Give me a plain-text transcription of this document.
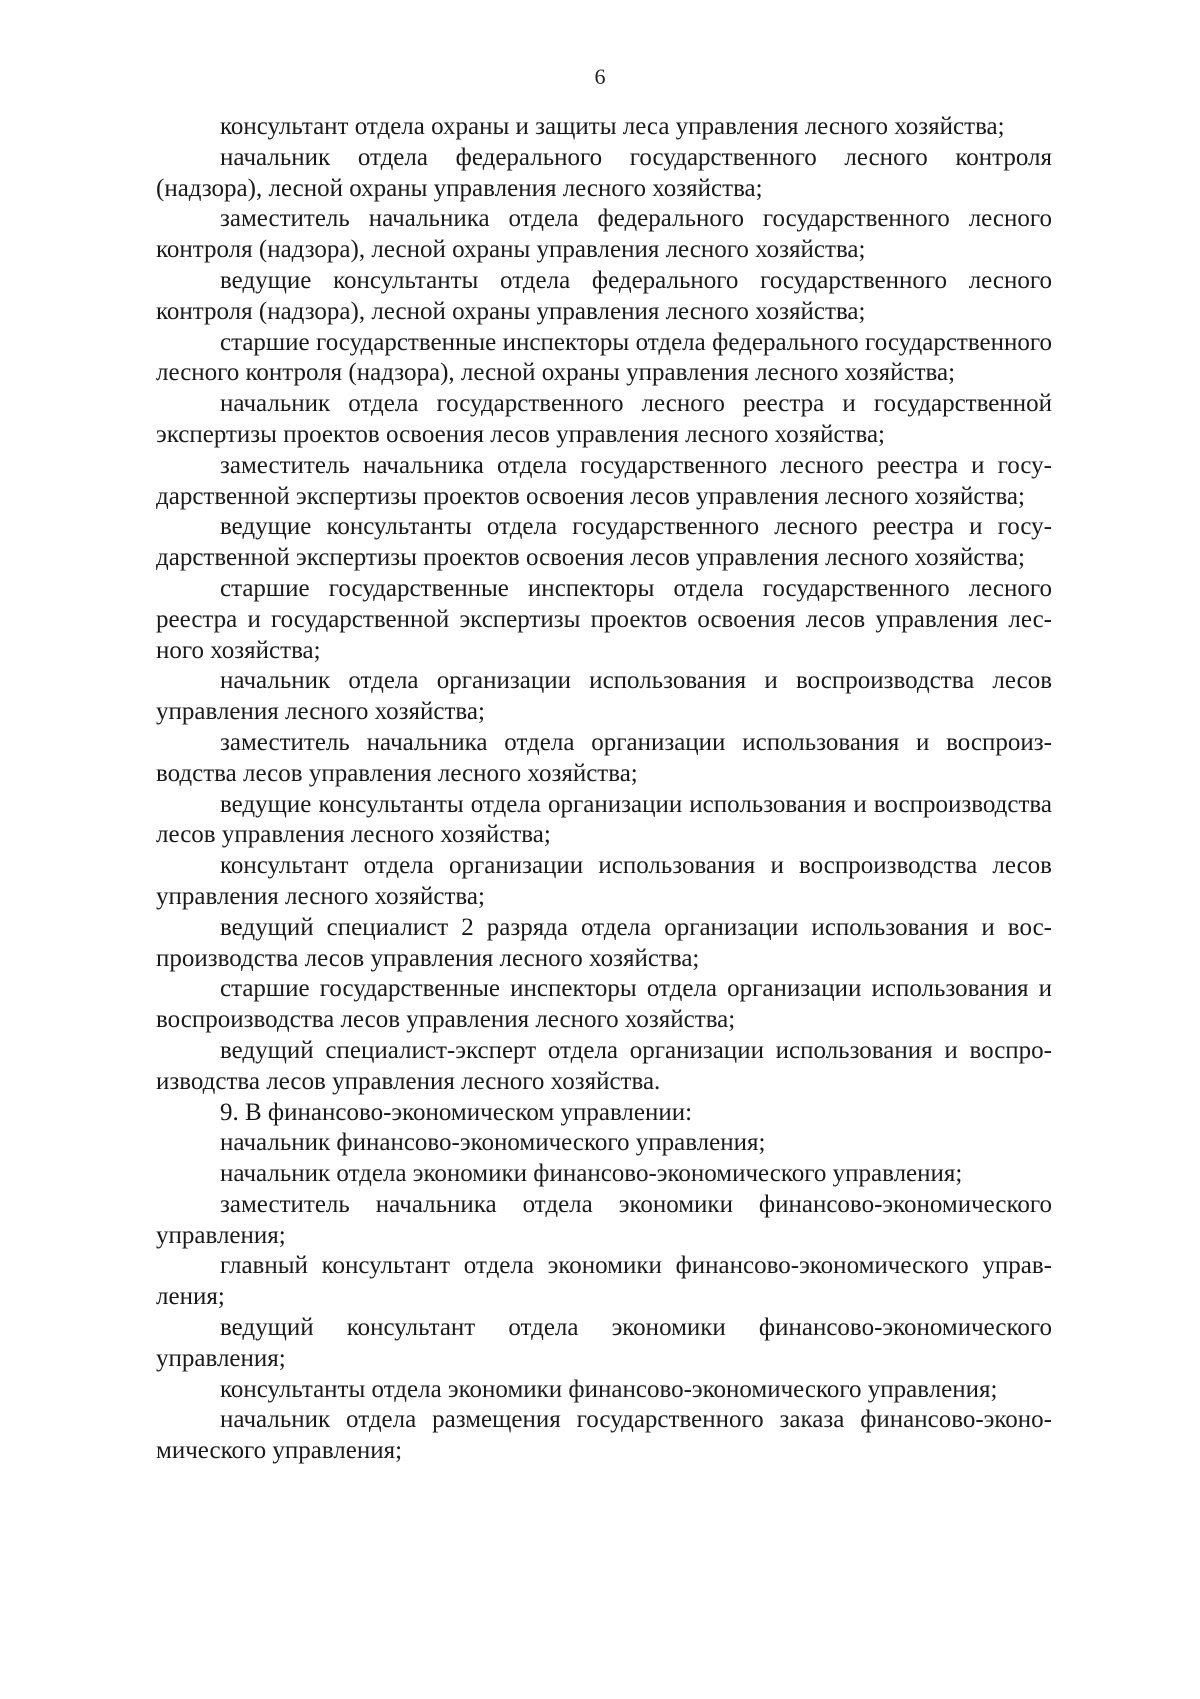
6

консультант отдела охраны и защиты леса управления лесного хозяйства;

начальник отдела федерального государственного лесного контроля (надзора), лесной охраны управления лесного хозяйства;

заместитель начальника отдела федерального государственного лесного контроля (надзора), лесной охраны управления лесного хозяйства;

ведущие консультанты отдела федерального государственного лесного контроля (надзора), лесной охраны управления лесного хозяйства;

старшие государственные инспекторы отдела федерального государственного лесного контроля (надзора), лесной охраны управления лесного хозяйства;

начальник отдела государственного лесного реестра и государственной экспертизы проектов освоения лесов управления лесного хозяйства;

заместитель начальника отдела государственного лесного реестра и государственной экспертизы проектов освоения лесов управления лесного хозяйства;

ведущие консультанты отдела государственного лесного реестра и государственной экспертизы проектов освоения лесов управления лесного хозяйства;

старшие государственные инспекторы отдела государственного лесного реестра и государственной экспертизы проектов освоения лесов управления лесного хозяйства;

начальник отдела организации использования и воспроизводства лесов управления лесного хозяйства;

заместитель начальника отдела организации использования и воспроизводства лесов управления лесного хозяйства;

ведущие консультанты отдела организации использования и воспроизводства лесов управления лесного хозяйства;

консультант отдела организации использования и воспроизводства лесов управления лесного хозяйства;

ведущий специалист 2 разряда отдела организации использования и воспроизводства лесов управления лесного хозяйства;

старшие государственные инспекторы отдела организации использования и воспроизводства лесов управления лесного хозяйства;

ведущий специалист-эксперт отдела организации использования и воспроизводства лесов управления лесного хозяйства.

9. В финансово-экономическом управлении:

начальник финансово-экономического управления;

начальник отдела экономики финансово-экономического управления;

заместитель начальника отдела экономики финансово-экономического управления;

главный консультант отдела экономики финансово-экономического управления;

ведущий консультант отдела экономики финансово-экономического управления;

консультанты отдела экономики финансово-экономического управления;

начальник отдела размещения государственного заказа финансово-экономического управления;
